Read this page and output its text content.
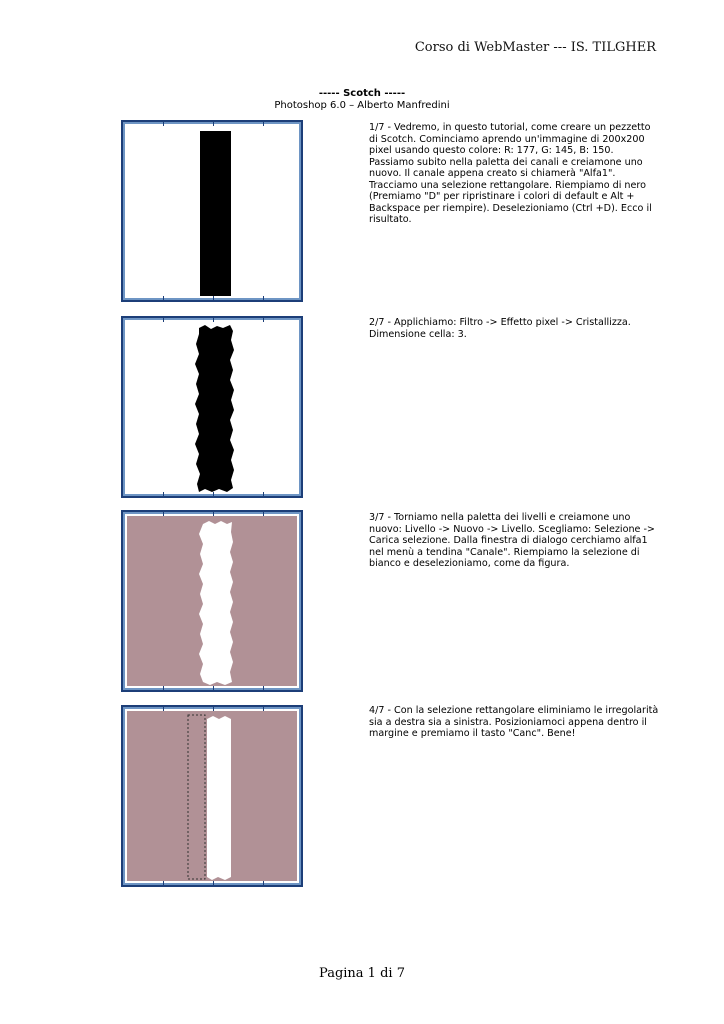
Corso di WebMaster --- IS. TILGHER
----- Scotch -----
Photoshop 6.0 – Alberto Manfredini
1/7 - Vedremo, in questo tutorial, come creare un pezzetto di Scotch. Cominciamo aprendo un'immagine di 200x200 pixel usando questo colore: R: 177, G: 145, B: 150. Passiamo subito nella paletta dei canali e creiamone uno nuovo. Il canale appena creato si chiamerà "Alfa1". Tracciamo una selezione rettangolare. Riempiamo di nero (Premiamo "D" per ripristinare i colori di default e Alt + Backspace per riempire). Deselezioniamo (Ctrl +D). Ecco il risultato.
2/7 - Applichiamo: Filtro -> Effetto pixel -> Cristallizza. Dimensione cella: 3.
3/7 - Torniamo nella paletta dei livelli e creiamone uno nuovo: Livello -> Nuovo -> Livello. Scegliamo: Selezione -> Carica selezione. Dalla finestra di dialogo cerchiamo alfa1 nel menù a tendina "Canale". Riempiamo la selezione di bianco e deselezioniamo, come da figura.
4/7 - Con la selezione rettangolare eliminiamo le irregolarità sia a destra sia a sinistra. Posizioniamoci appena dentro il margine e premiamo il tasto "Canc". Bene!
Pagina 1 di 7
